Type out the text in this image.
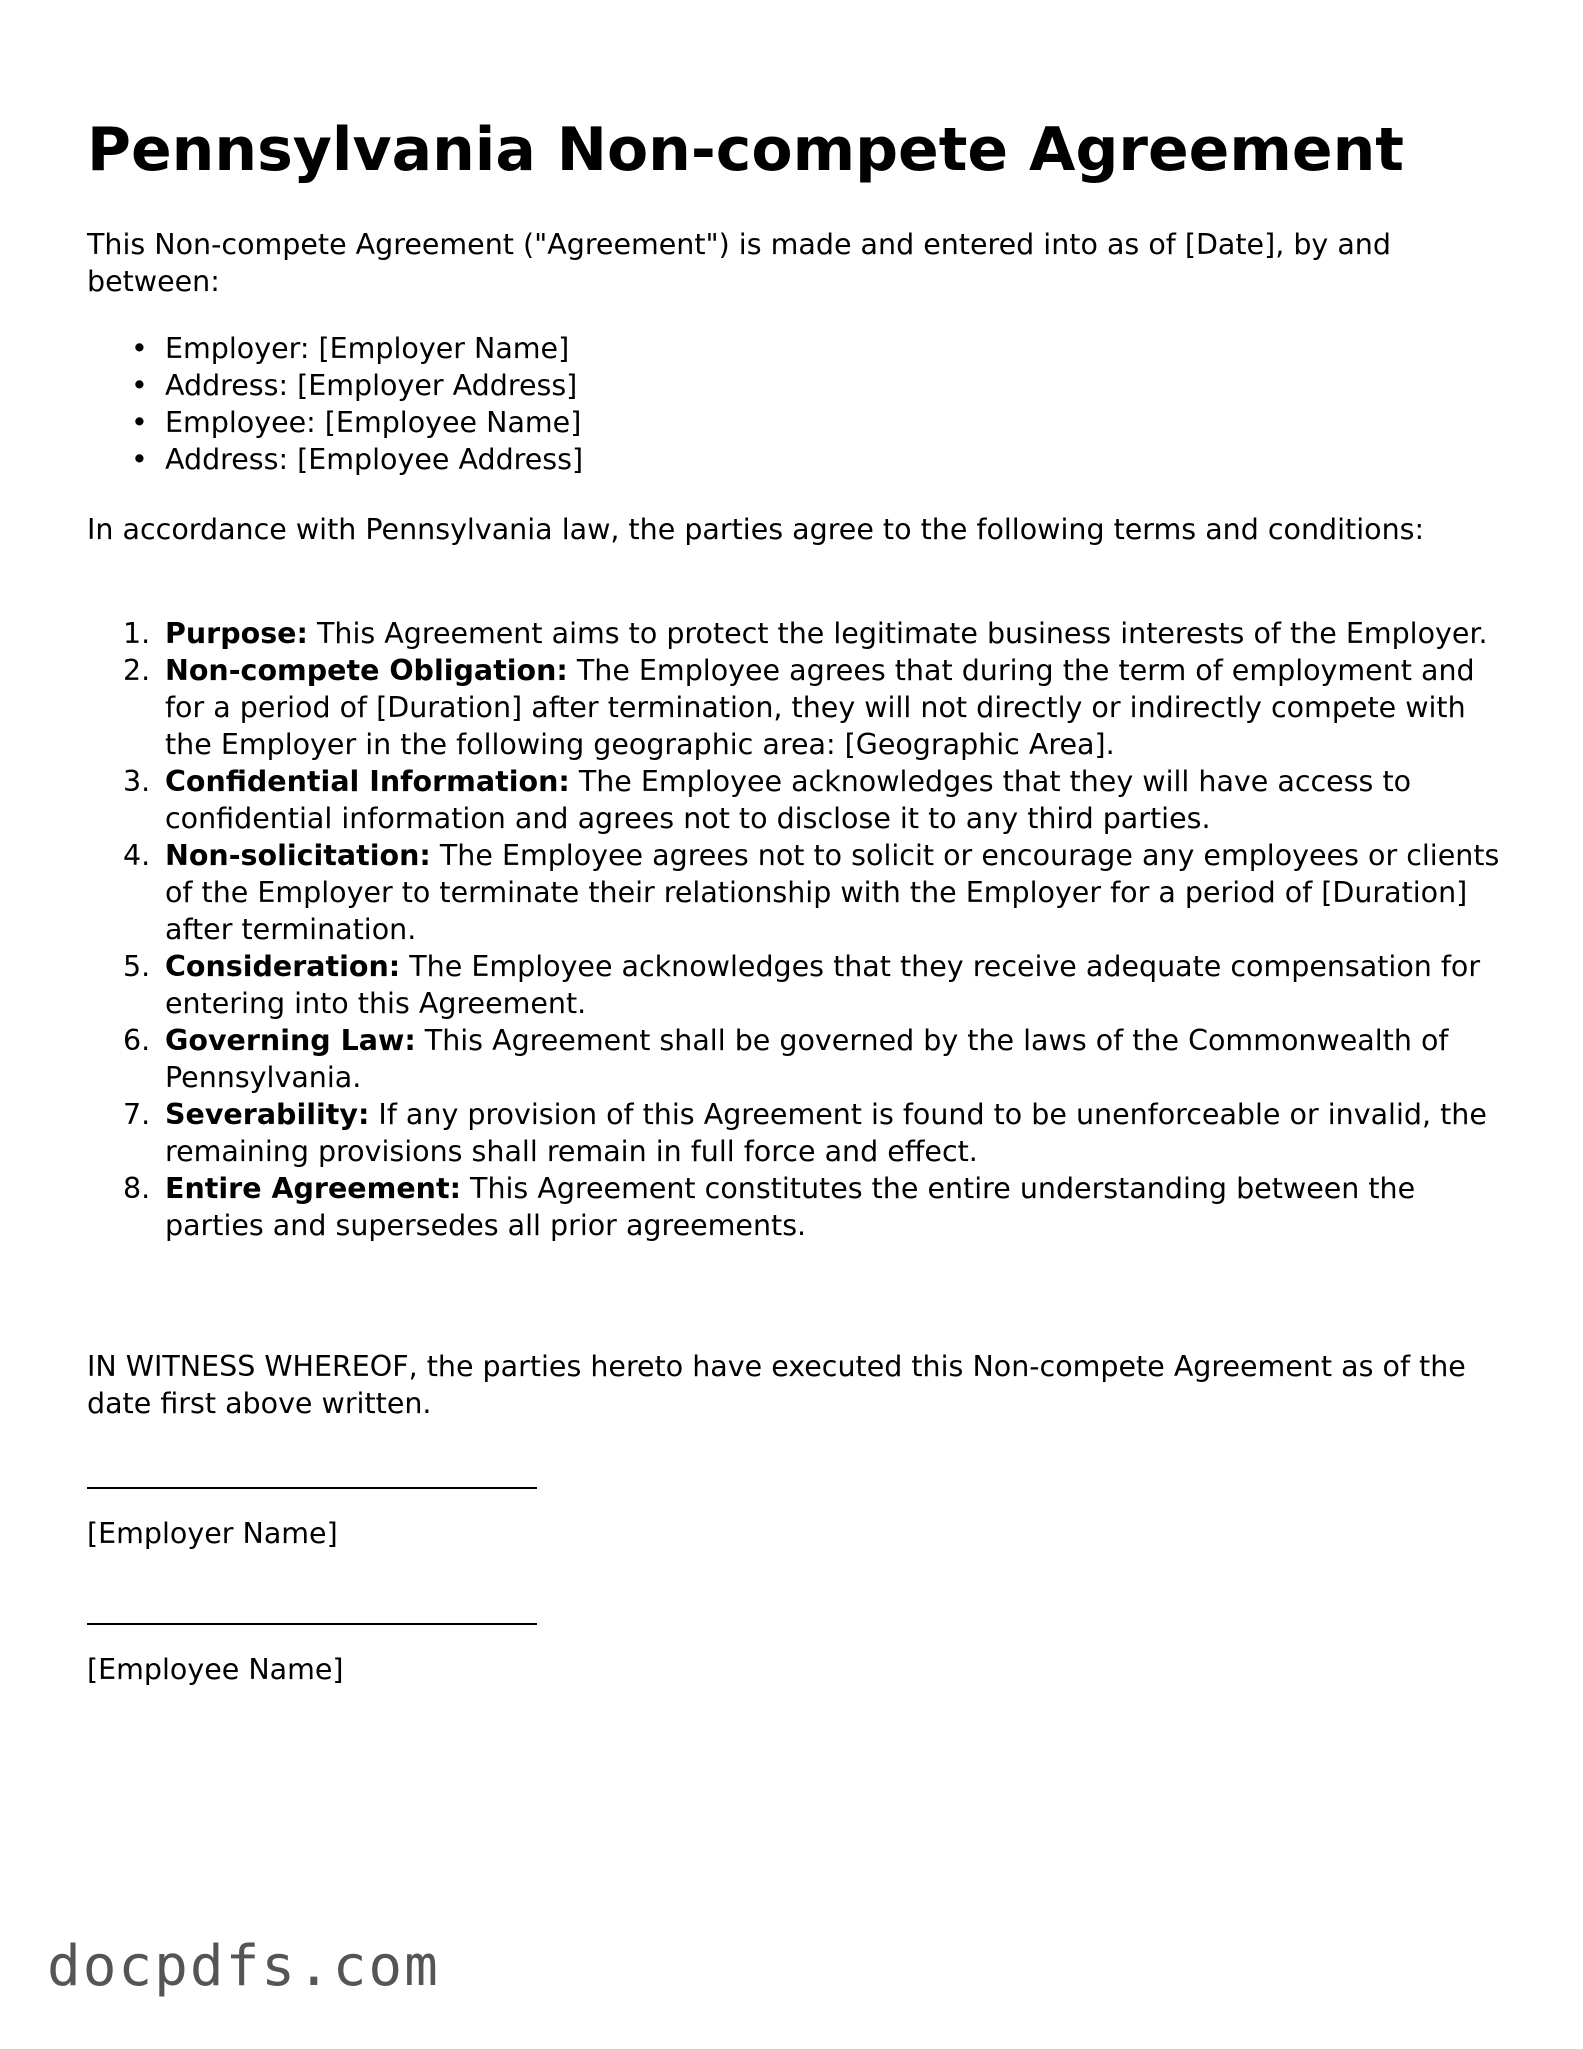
Pennsylvania Non-compete Agreement

This Non-compete Agreement ("Agreement") is made and entered into as of [Date], by and between:

• Employer: [Employer Name]
• Address: [Employer Address]
• Employee: [Employee Name]
• Address: [Employee Address]

In accordance with Pennsylvania law, the parties agree to the following terms and conditions:

1. Purpose: This Agreement aims to protect the legitimate business interests of the Employer.
2. Non-compete Obligation: The Employee agrees that during the term of employment and for a period of [Duration] after termination, they will not directly or indirectly compete with the Employer in the following geographic area: [Geographic Area].
3. Confidential Information: The Employee acknowledges that they will have access to confidential information and agrees not to disclose it to any third parties.
4. Non-solicitation: The Employee agrees not to solicit or encourage any employees or clients of the Employer to terminate their relationship with the Employer for a period of [Duration] after termination.
5. Consideration: The Employee acknowledges that they receive adequate compensation for entering into this Agreement.
6. Governing Law: This Agreement shall be governed by the laws of the Commonwealth of Pennsylvania.
7. Severability: If any provision of this Agreement is found to be unenforceable or invalid, the remaining provisions shall remain in full force and effect.
8. Entire Agreement: This Agreement constitutes the entire understanding between the parties and supersedes all prior agreements.

IN WITNESS WHEREOF, the parties hereto have executed this Non-compete Agreement as of the date first above written.

[Employer Name]

[Employee Name]

docpdfs.com
